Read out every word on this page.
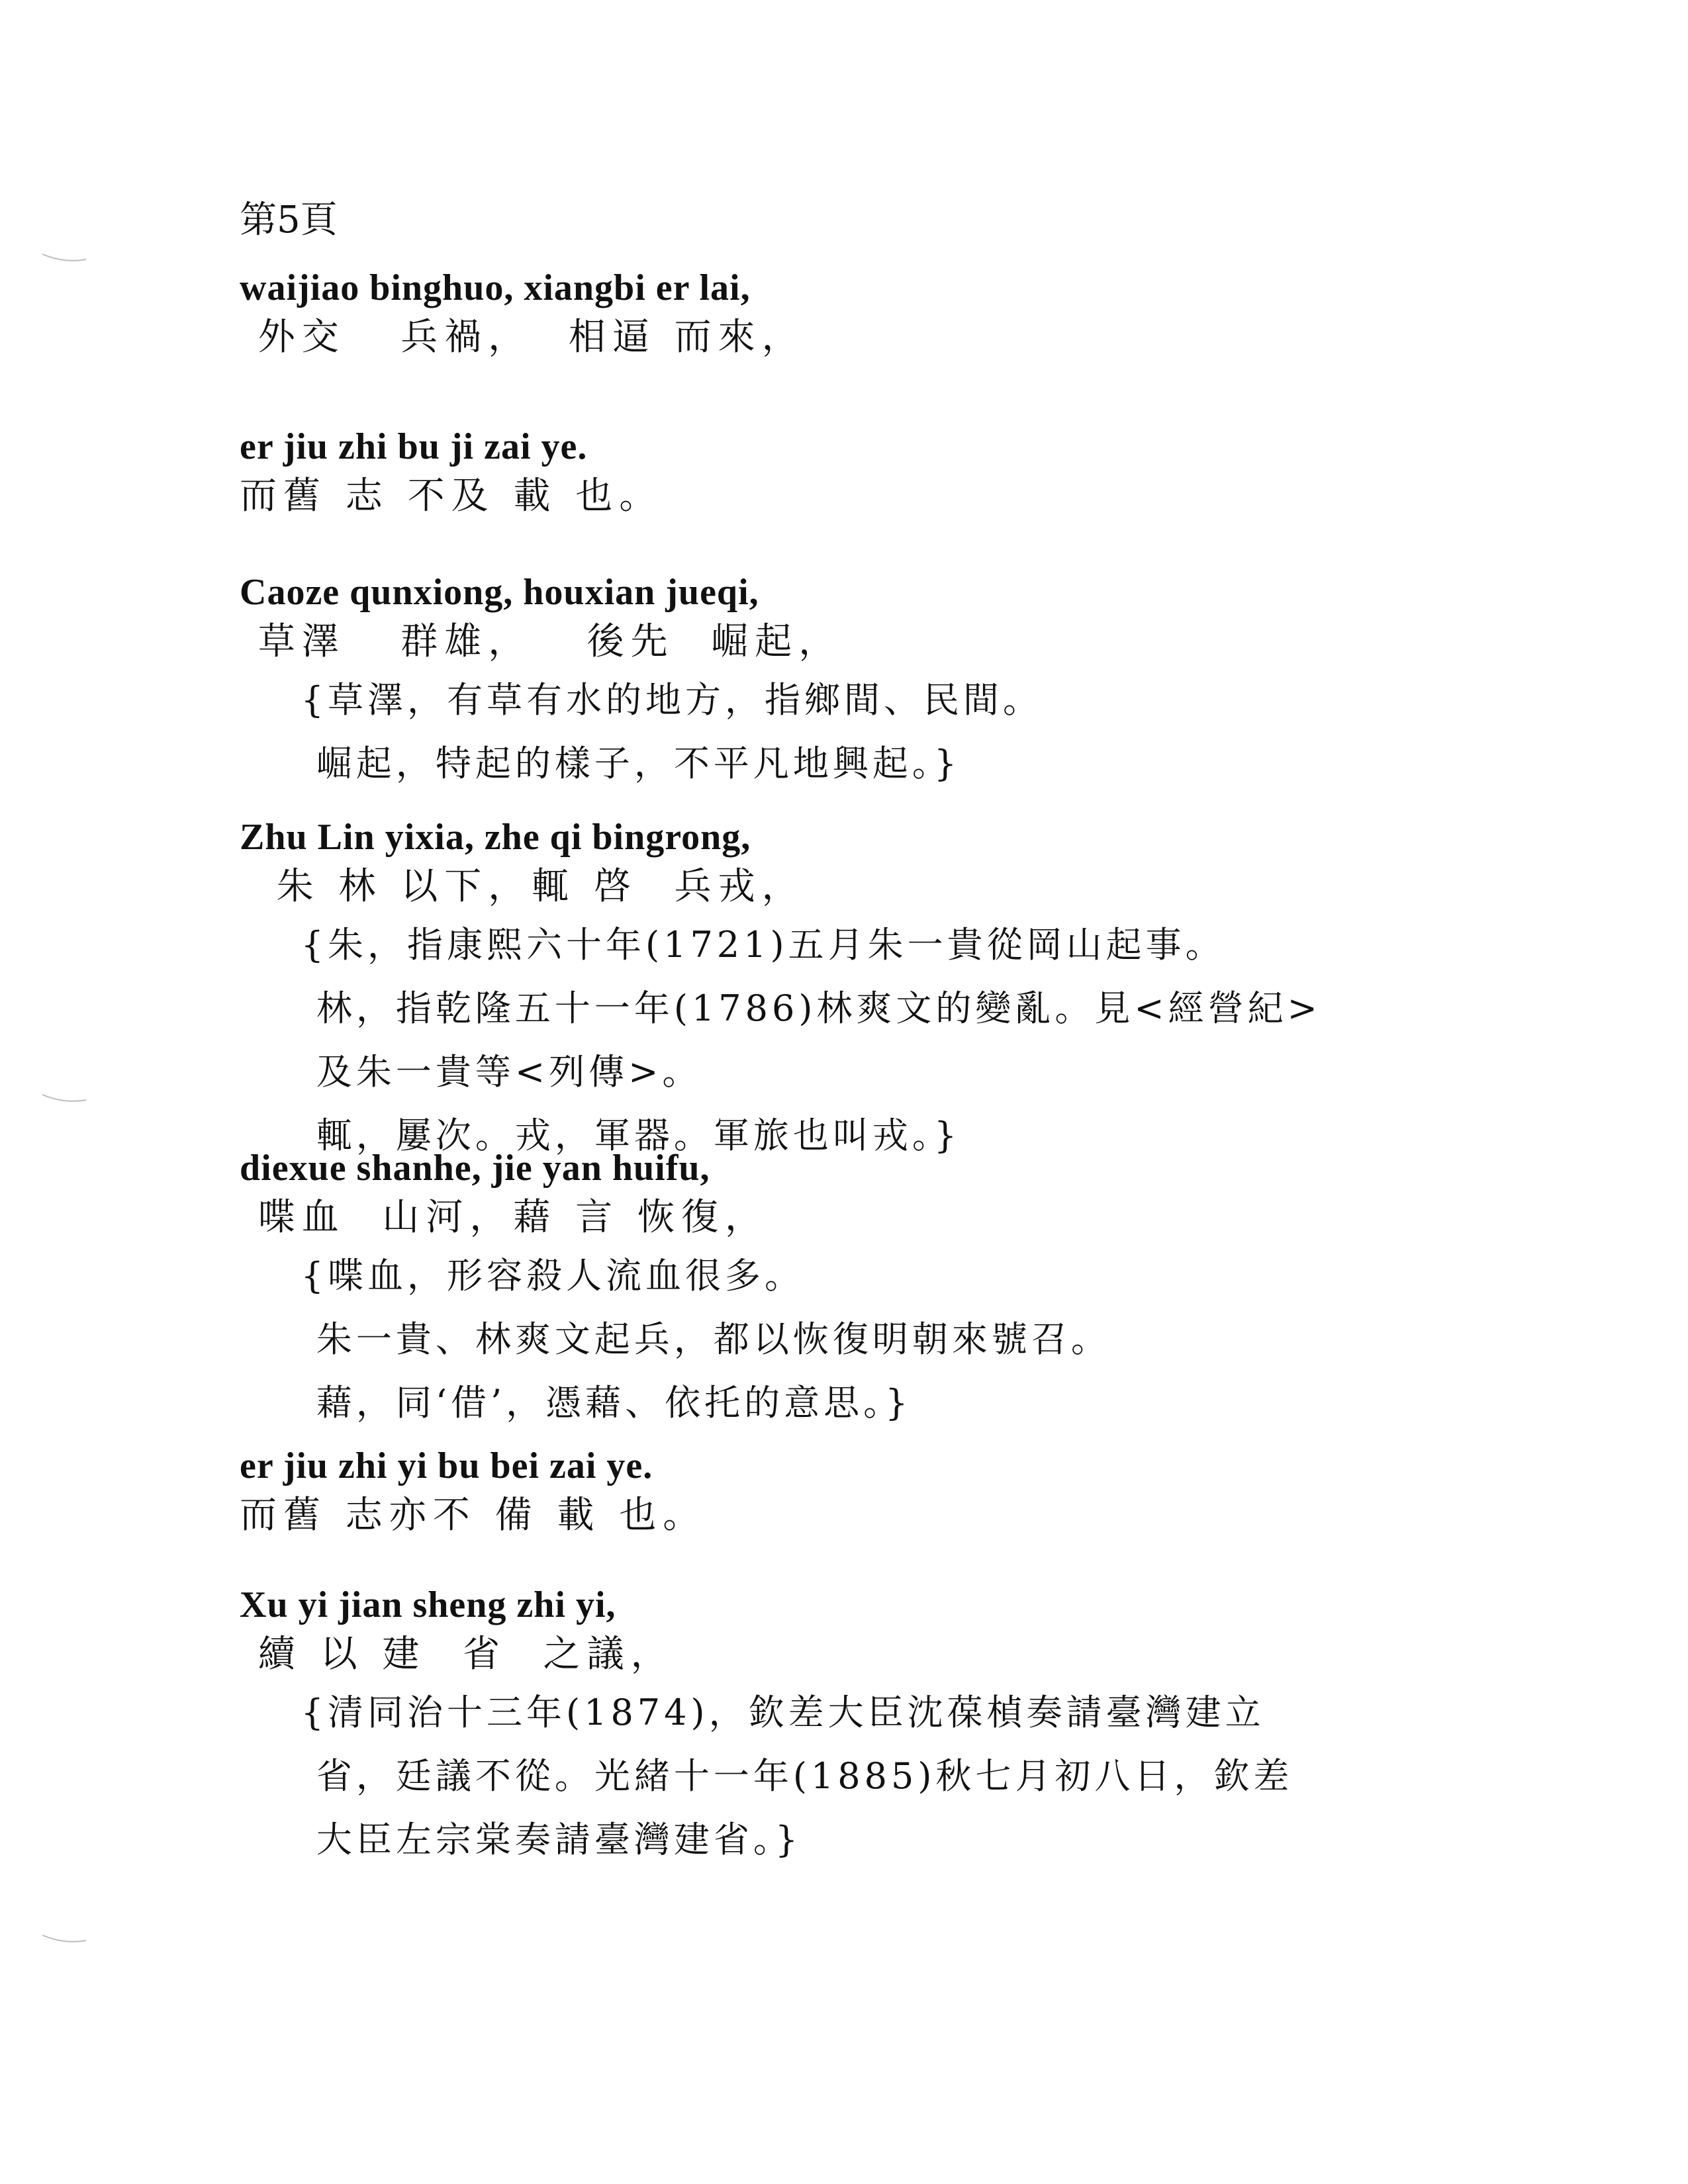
第5頁
waijiao binghuo, xiangbi er lai,
外交   兵禍，  相逼 而來，
er jiu zhi bu ji zai ye.
而舊 志 不及 載 也。
Caoze qunxiong, houxian jueqi,
草澤   群雄，   後先  崛起，
{草澤，有草有水的地方，指鄉間、民間。
崛起，特起的樣子，不平凡地興起。}
Zhu Lin yixia, zhe qi bingrong,
朱 林 以下，輒 啓  兵戎，
{朱，指康熙六十年(1721)五月朱一貴從岡山起事。
林，指乾隆五十一年(1786)林爽文的變亂。見<經營紀>
及朱一貴等<列傳>。
輒，屢次。戎，軍器。軍旅也叫戎。}
diexue shanhe, jie yan huifu,
喋血  山河，藉 言 恢復，
{喋血，形容殺人流血很多。
朱一貴、林爽文起兵，都以恢復明朝來號召。
藉，同‘借’，憑藉、依托的意思。}
er jiu zhi yi bu bei zai ye.
而舊 志亦不 備 載 也。
Xu yi jian sheng zhi yi,
續 以 建  省  之議，
{清同治十三年(1874)，欽差大臣沈葆楨奏請臺灣建立
省，廷議不從。光緒十一年(1885)秋七月初八日，欽差
大臣左宗棠奏請臺灣建省。}
